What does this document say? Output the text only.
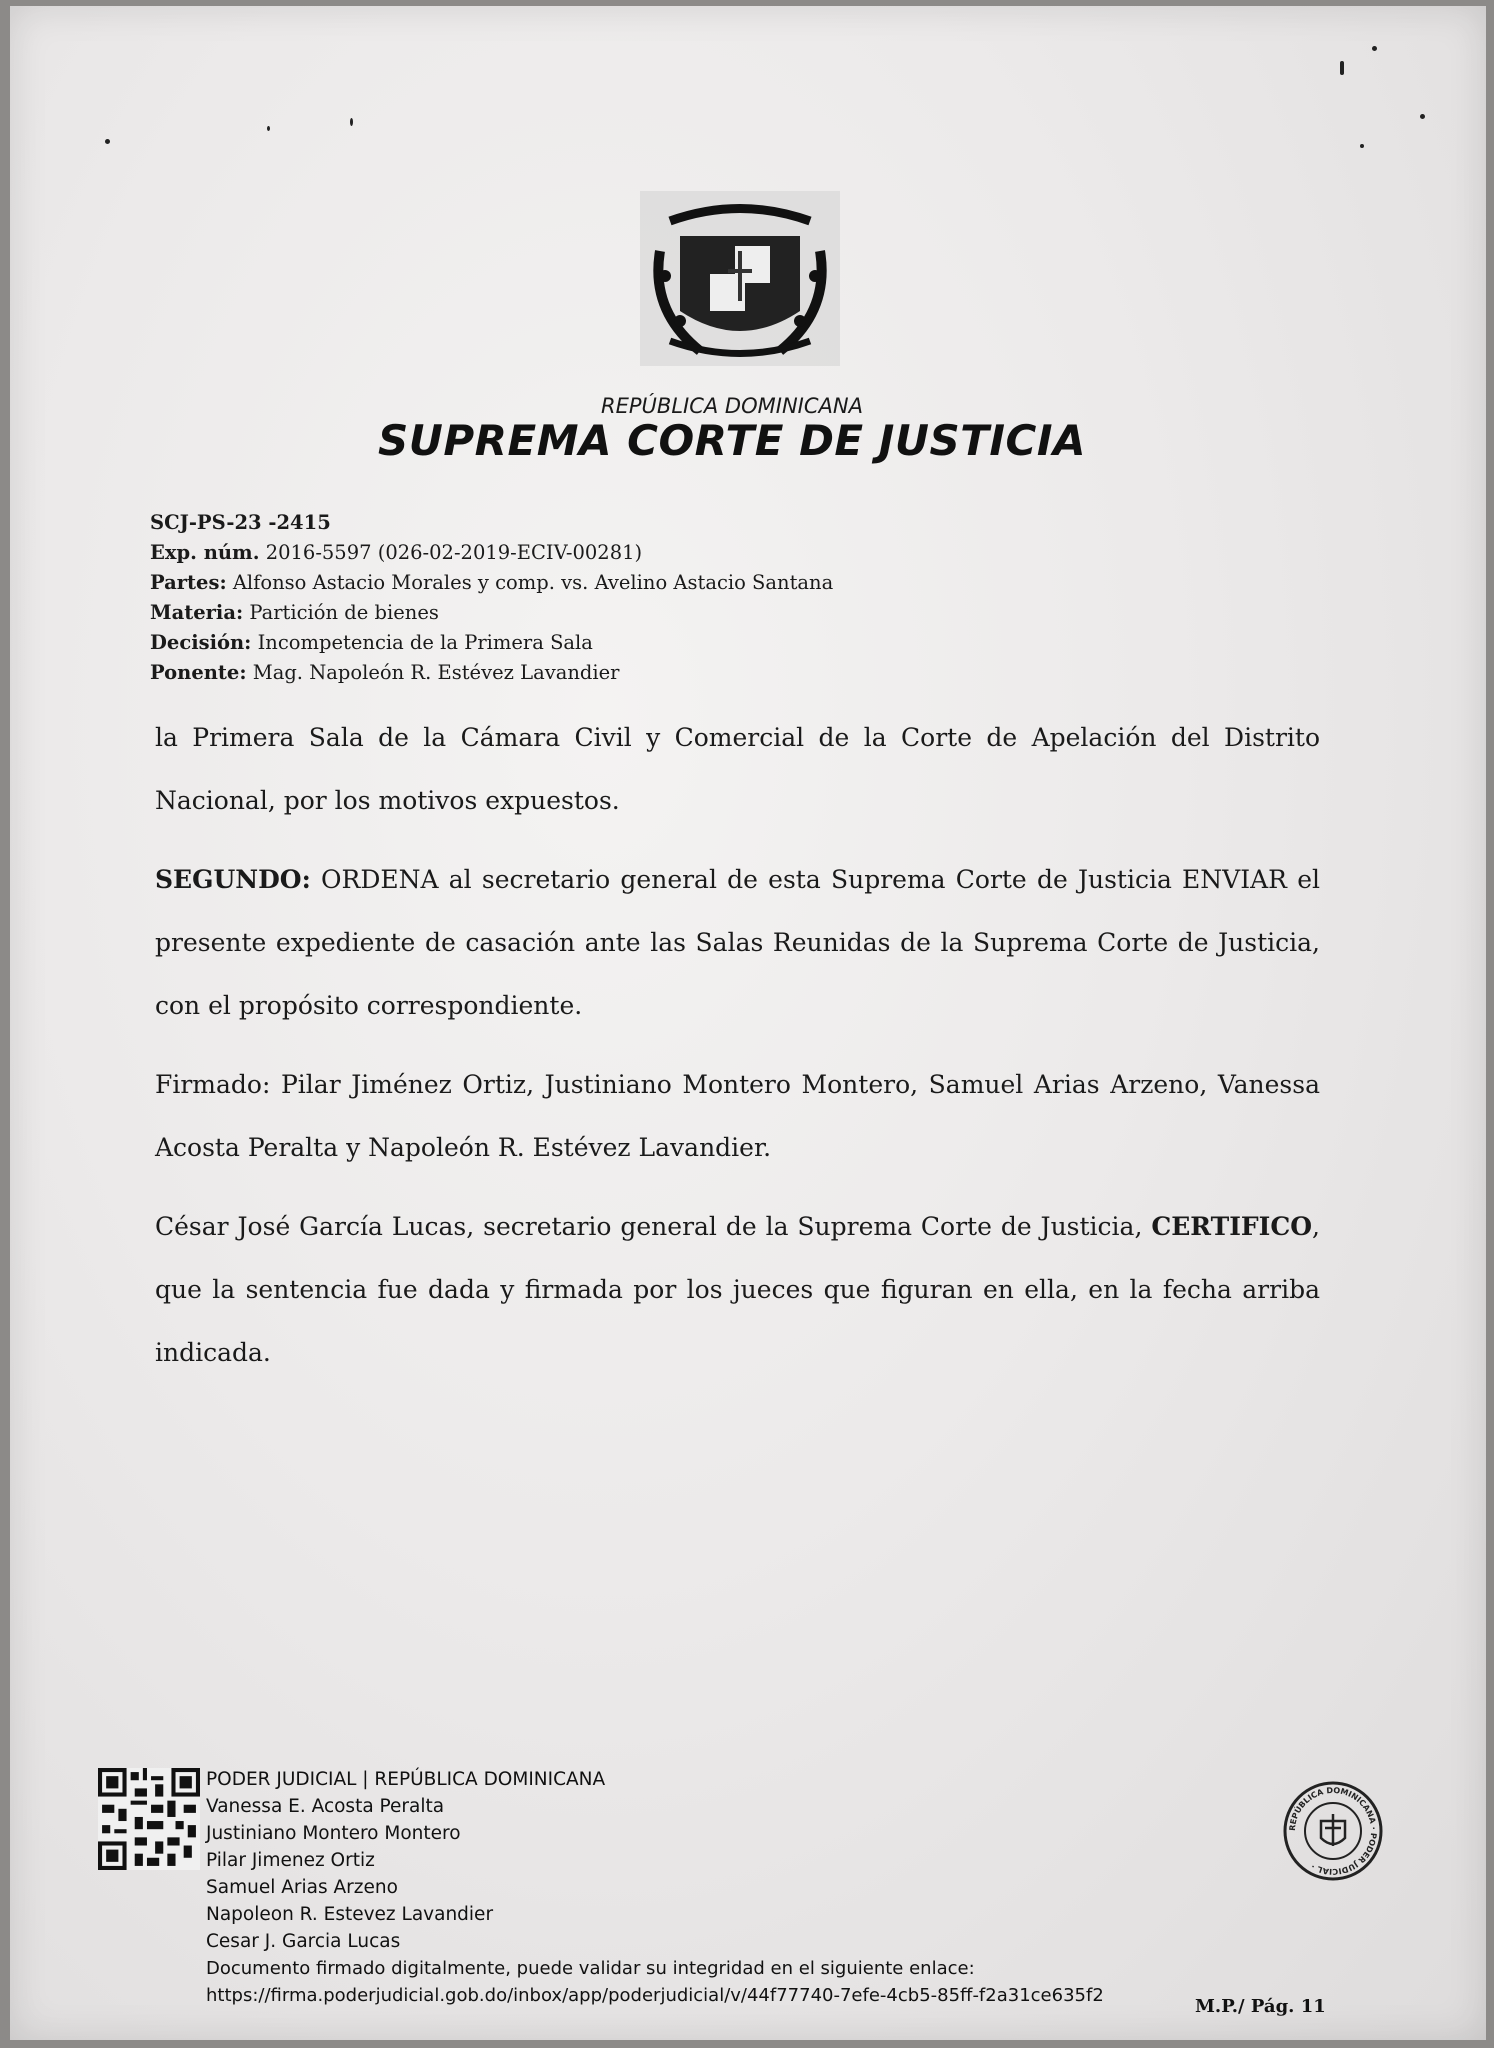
REPÚBLICA DOMINICANA
SUPREMA CORTE DE JUSTICIA
SCJ-PS-23 -2415
Exp. núm. 2016-5597 (026-02-2019-ECIV-00281)
Partes: Alfonso Astacio Morales y comp. vs. Avelino Astacio Santana
Materia: Partición de bienes
Decisión: Incompetencia de la Primera Sala
Ponente: Mag. Napoleón R. Estévez Lavandier
la Primera Sala de la Cámara Civil y Comercial de la Corte de Apelación del Distrito Nacional, por los motivos expuestos.
SEGUNDO: ORDENA al secretario general de esta Suprema Corte de Justicia ENVIAR el presente expediente de casación ante las Salas Reunidas de la Suprema Corte de Justicia, con el propósito correspondiente.
Firmado: Pilar Jiménez Ortiz, Justiniano Montero Montero, Samuel Arias Arzeno, Vanessa Acosta Peralta y Napoleón R. Estévez Lavandier.
César José García Lucas, secretario general de la Suprema Corte de Justicia, CERTIFICO, que la sentencia fue dada y firmada por los jueces que figuran en ella, en la fecha arriba indicada.
PODER JUDICIAL | REPÚBLICA DOMINICANA
Vanessa E. Acosta Peralta
Justiniano Montero Montero
Pilar Jimenez Ortiz
Samuel Arias Arzeno
Napoleon R. Estevez Lavandier
Cesar J. Garcia Lucas
Documento firmado digitalmente, puede validar su integridad en el siguiente enlace:
https://firma.poderjudicial.gob.do/inbox/app/poderjudicial/v/44f77740-7efe-4cb5-85ff-f2a31ce635f2
REPÚBLICA DOMINICANA · PODER JUDICIAL ·
M.P./ Pág. 11
